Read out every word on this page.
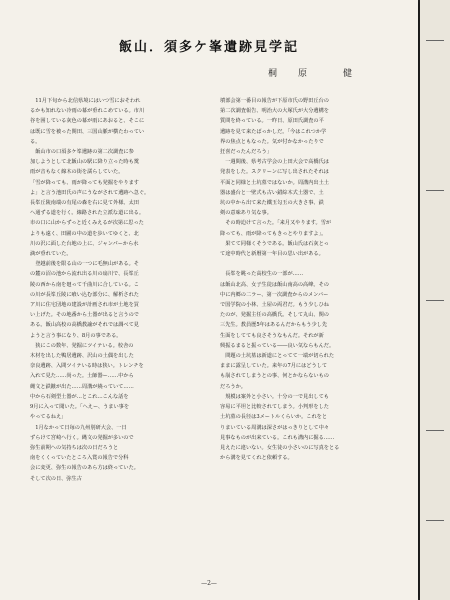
飯山．須多ケ峯遺跡見学記
桐　原　　健
　11月下旬から北信県境にはいつ雪におそわれ
るかも知れない冷雨の幕が垂れこめている。市川
谷を囲している灰色の幕が雨にあおると、そこに
は既に雪を被った関田、三国山脈が横たわってい
る。
　飯山市の口須多ケ峯遺跡の第二次調査に参
加しようとして北飯山の駅に降り立った時も霙
雨が音もなく線木の街を濡らしていた。
「雪が降っても、雨が降っても発掘をやります
よ」と言う池田氏の声にうながされて遺跡へ急ぐ。
長峯丘陵南端の有尾の森を右に見て外様、太田
へ通ずる道を行く。線路された立派な道に出る。
市の口に山からずっと近くみえるが次第に思った
よりも遠く、田圃の中の道を歩いてゆくと、北
川の沢に面した台地の上に、ジャンパーから水
滴が垂れていた。
　登越前後を限る山の一つに毛無山がある。そ
の麓の沼の池から流れ出る川の扇川で、長峯丘
陵の西から南を廻って千曲川に合している。こ
の川が長峯丘陵に喰い込む部分に、解析された
ア川に住宅団地の建設が計画され市が土地を買
い上げた。その地番から土器が出ると言うので
ある。飯山高校の高橋教諭がそれでは調べて見
ようと言う事になり、8月の事である。
　狭にこの数年、発掘にツイテいる。校舎の
木材を出した鴨居遺跡、沢山の土偶を出した
奈良遺跡、入間ツイテいる時は狭い。トレンチを
入れて見た……尚った。土師器ー……中から
縄文と鉄鏃が出た……周溝が繞っていて……
中から石剣型土器が…とこれ…こんな話を
9月に入って聞いた。「へえー、うまい事を
やってるねえ」
　1月なかって日毎の九州別研大会、一日
ずらけて宮崎へ行く。縄文の発掘が多いので
弥生前期への気持ちは次の日だろうと
南をくくっていたところ入賞の報告で分科
会に変更、弥生の報告のあら方は終っていた。
そして次の日、弥生古
墳部会第一番目の報告が下原市氏の野田丘台の
第二次調査報告、明治大の大塚氏が大分遺構を
質問を終っている。一昨日、原田氏調査の平
遺跡を見て来たばっかしだ。「今はこれつか学
界の焦点ともなった。気が付かなかったりで
狂喜だったんだろう」
　一週間後、県考古学会の上田大会で高橋氏は
発表をした。スクリーンに写し出されたそれは
平面と同様と土坑墓ではないか。周溝内出土土
器は盛台と一壁式も古い錯綜木式土器で、土
坑の中から出て来た鐵玉勾玉の大きさ事、鉄
剣の意味あり気な事。
　その時迫けて言った。「来月又やります。雪が
降っても、雨が降ってもきっとやりますよ」。
　果てて同様くそうである。飯山氏は石灰とっ
て途中時代と新暦第一年目の思い出がある。

　長峯を眺った高校生の一部が……
は飯山北高、女子生徒は飯山南高の高峰。その
中に内郷の二ラー、第一次調査からのメンバー
で国学院の小林、土屋の両君だ。もう少しひね
たのが、発掘主任の高橋氏。そして丸山、関の
三先生。教員歴5年はあるんだからもう少し先
生面をしてても良さそうなもんだ。それが新
興振るまると振っている――良い気ならもんだ。
　問題の土坑墓は新道にとってて一端が切られた
ままに露呈していた。来年の7月にはどうして
も崩されてしまうとの事、何とかならないもの
だろうか。
　規模は案外と小さい。十分の一で見出しても
容易に平坦と比較されてしまう。小判形をした
土坑墓の長径は3メートルくらいか。これをと
りまいている周溝は深さがはっきりとして中々
見事なものが出来ている。これも溝内に掘る……
見えたに違いない。女生徒の小さいのに写真をとる
から溝を見てくれと依頼する。
—2—
